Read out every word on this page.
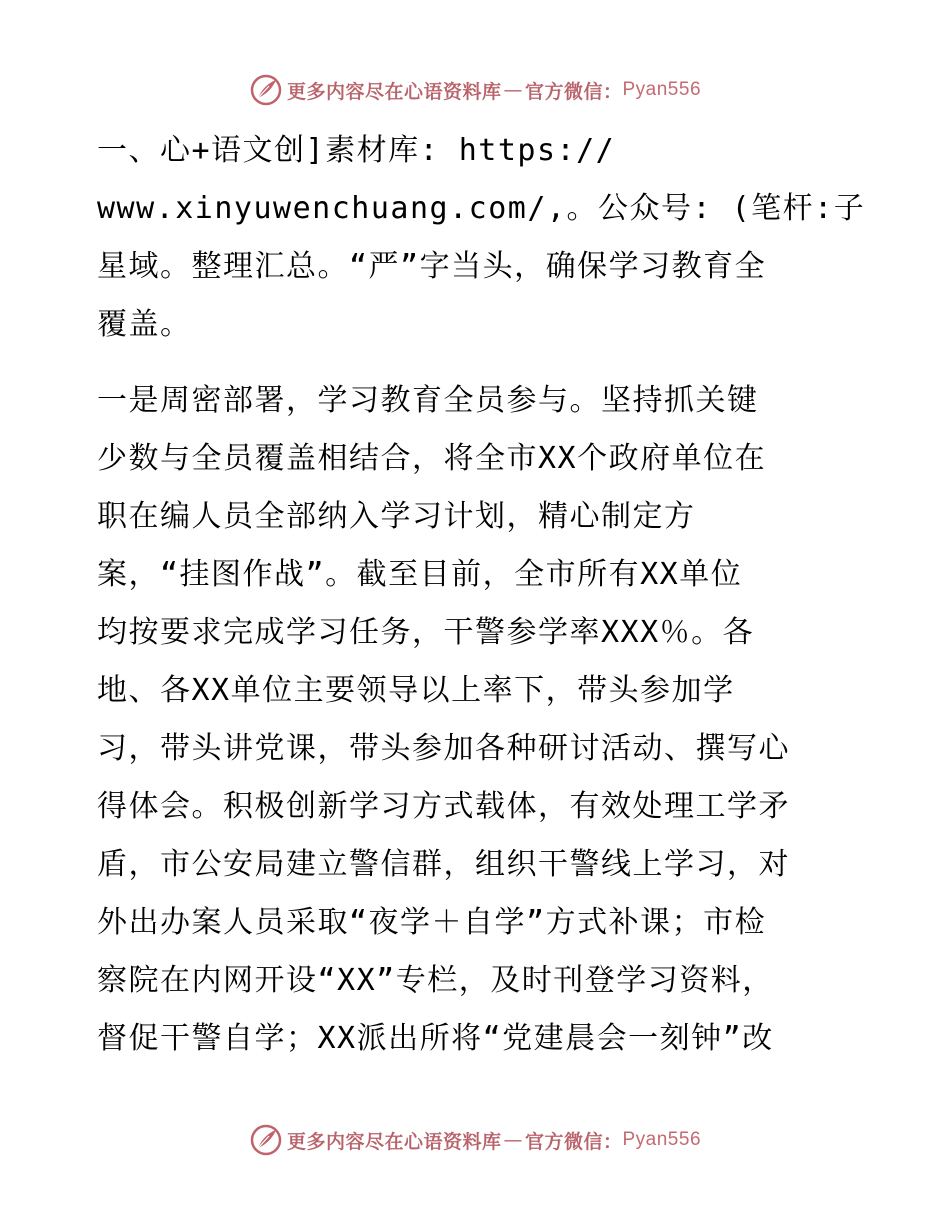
更多内容尽在心语资料库 — 官方微信： Pyan556
一、心+语文创]素材库: https://
www.xinyuwenchuang.com/,。公众号: (笔杆:子
星域。整理汇总。“严”字当头，确保学习教育全
覆盖。
一是周密部署，学习教育全员参与。坚持抓关键
少数与全员覆盖相结合，将全市XX个政府单位在
职在编人员全部纳入学习计划，精心制定方
案，“挂图作战”。截至目前，全市所有XX单位
均按要求完成学习任务，干警参学率XXX％。各
地、各XX单位主要领导以上率下，带头参加学
习，带头讲党课，带头参加各种研讨活动、撰写心
得体会。积极创新学习方式载体，有效处理工学矛
盾，市公安局建立警信群，组织干警线上学习，对
外出办案人员采取“夜学＋自学”方式补课；市检
察院在内网开设“XX”专栏，及时刊登学习资料，
督促干警自学；XX派出所将“党建晨会一刻钟”改
更多内容尽在心语资料库 — 官方微信： Pyan556
